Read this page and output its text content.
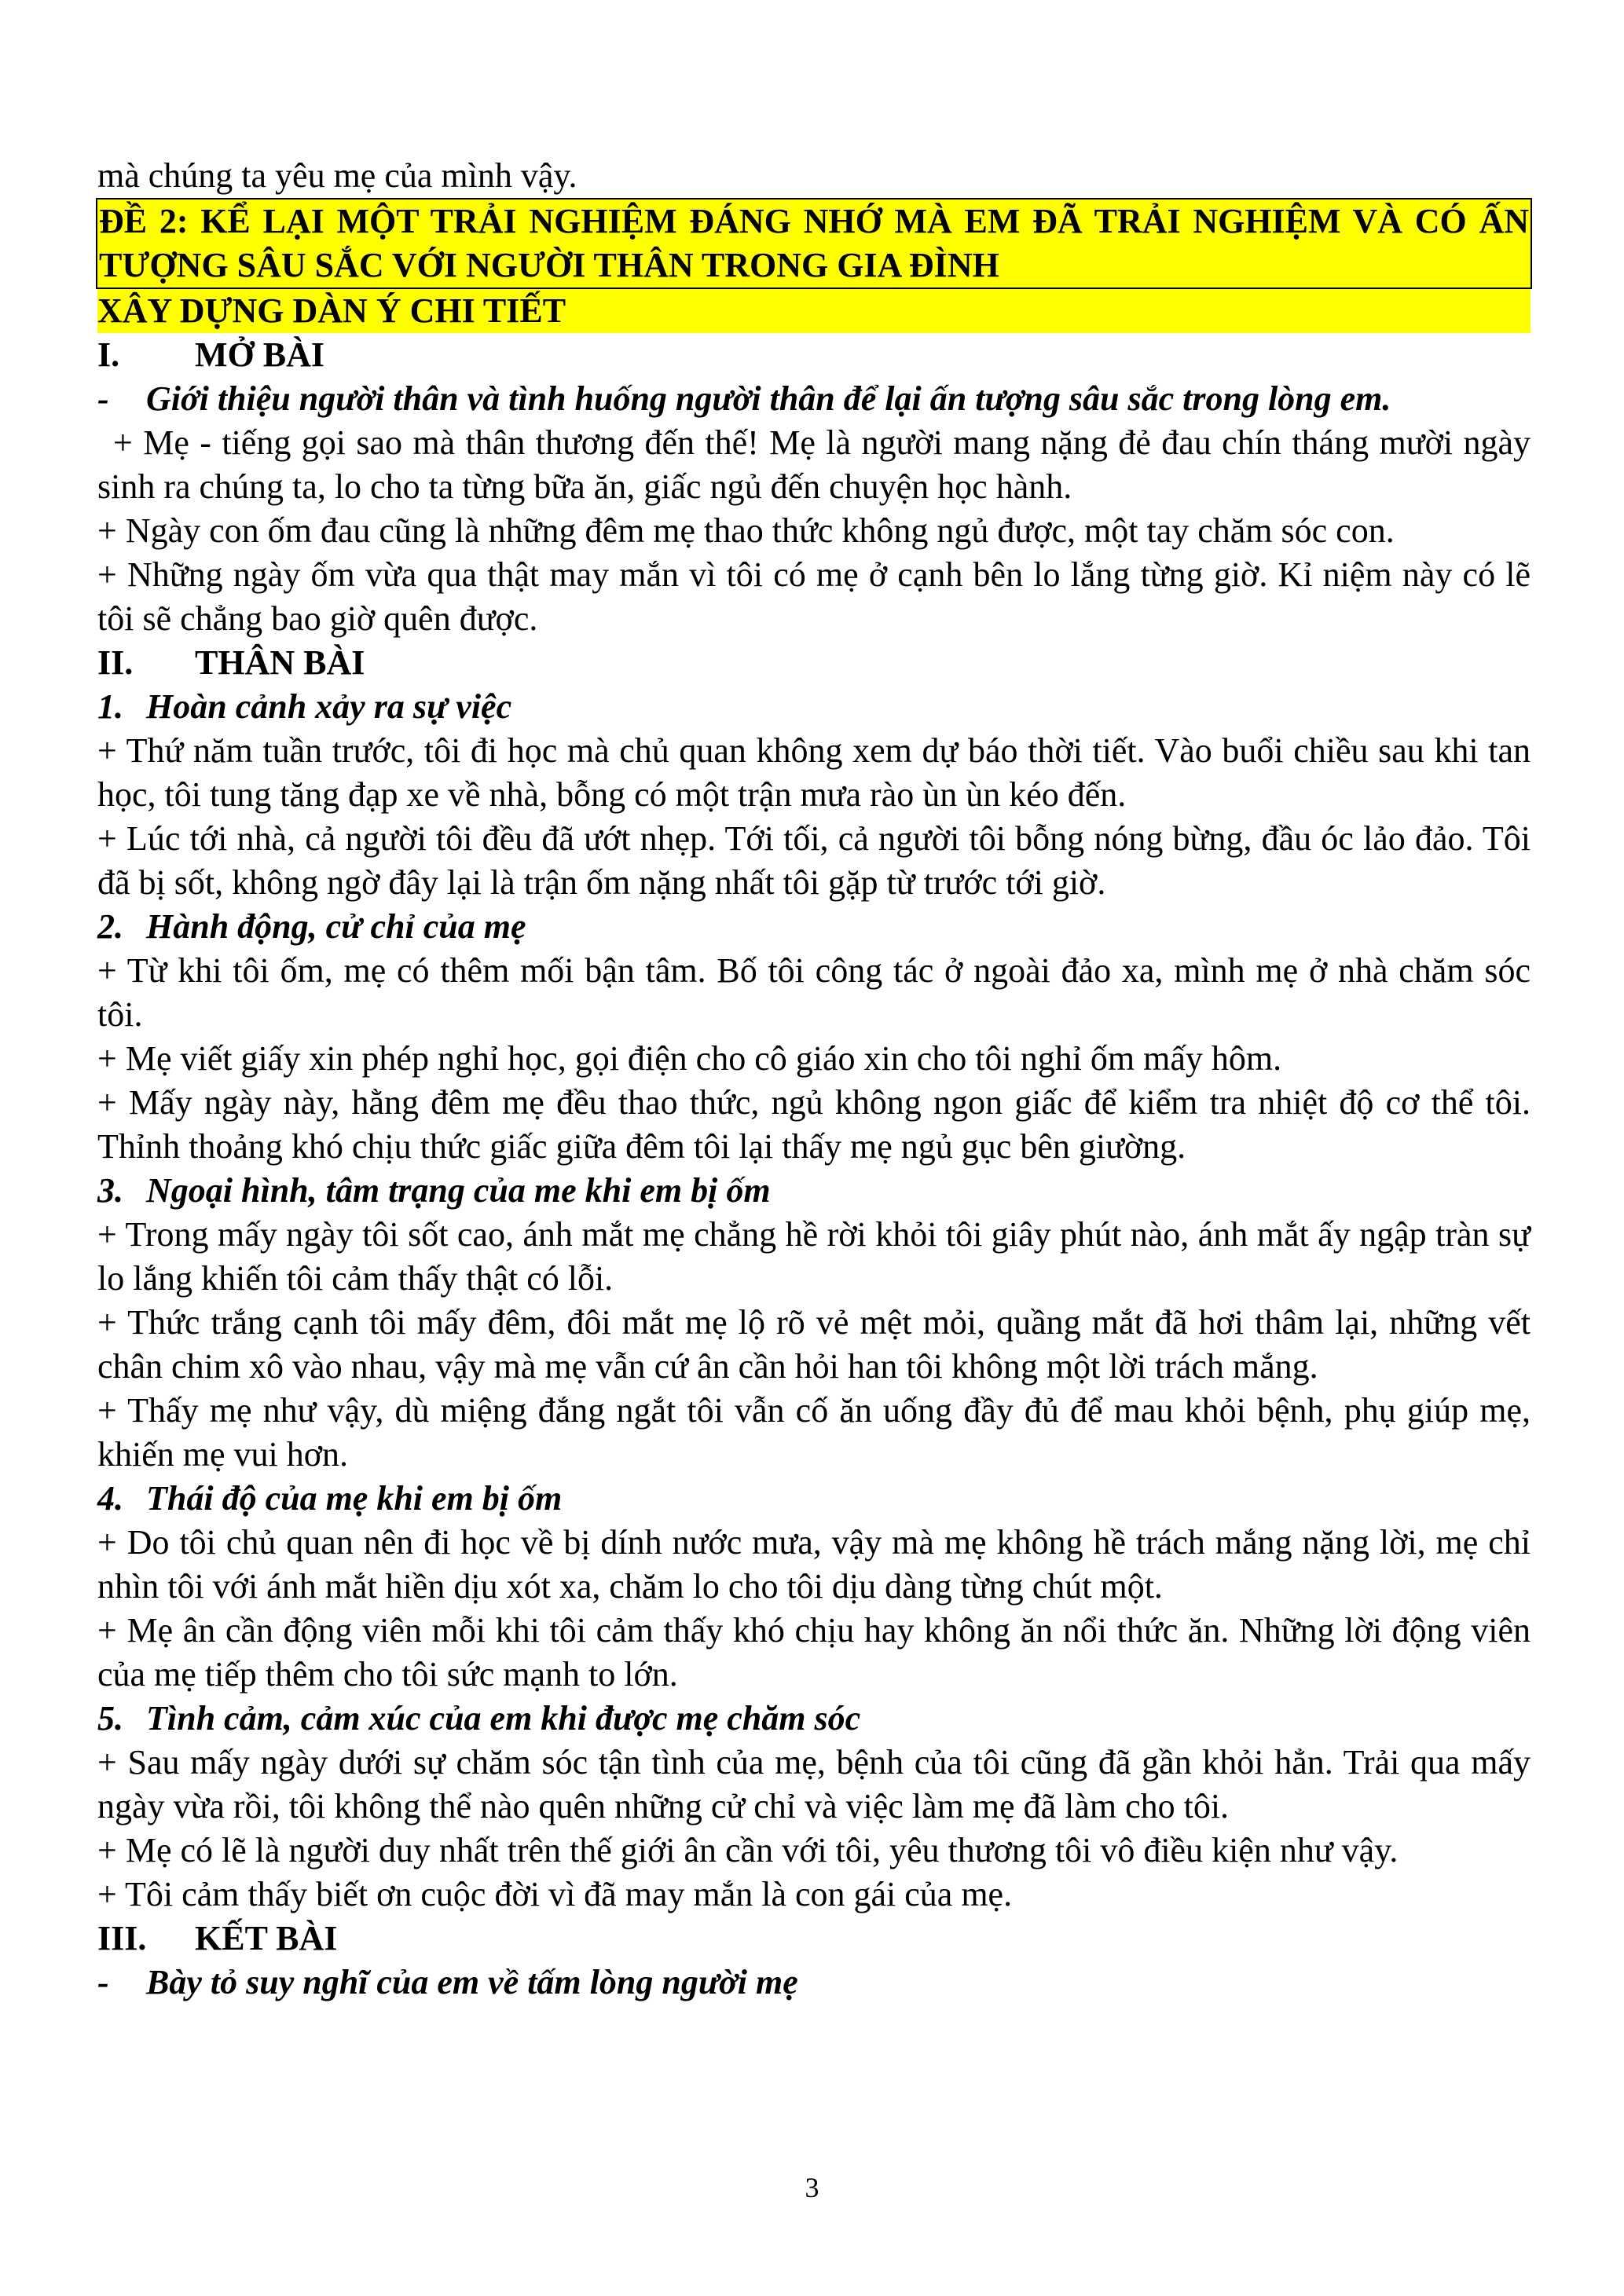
mà chúng ta yêu mẹ của mình vậy.
ĐỀ 2: KỂ LẠI MỘT TRẢI NGHIỆM ĐÁNG NHỚ MÀ EM ĐÃ TRẢI NGHIỆM VÀ CÓ ẤN TƯỢNG SÂU SẮC VỚI NGƯỜI THÂN TRONG GIA ĐÌNH
XÂY DỰNG DÀN Ý CHI TIẾT
I. MỞ BÀI
- Giới thiệu người thân và tình huống người thân để lại ấn tượng sâu sắc trong lòng em.
+ Mẹ - tiếng gọi sao mà thân thương đến thế! Mẹ là người mang nặng đẻ đau chín tháng mười ngày sinh ra chúng ta, lo cho ta từng bữa ăn, giấc ngủ đến chuyện học hành.
+ Ngày con ốm đau cũng là những đêm mẹ thao thức không ngủ được, một tay chăm sóc con.
+ Những ngày ốm vừa qua thật may mắn vì tôi có mẹ ở cạnh bên lo lắng từng giờ. Kỉ niệm này có lẽ tôi sẽ chẳng bao giờ quên được.
II. THÂN BÀI
1. Hoàn cảnh xảy ra sự việc
+ Thứ năm tuần trước, tôi đi học mà chủ quan không xem dự báo thời tiết. Vào buổi chiều sau khi tan học, tôi tung tăng đạp xe về nhà, bỗng có một trận mưa rào ùn ùn kéo đến.
+ Lúc tới nhà, cả người tôi đều đã ướt nhẹp. Tới tối, cả người tôi bỗng nóng bừng, đầu óc lảo đảo. Tôi đã bị sốt, không ngờ đây lại là trận ốm nặng nhất tôi gặp từ trước tới giờ.
2. Hành động, cử chỉ của mẹ
+ Từ khi tôi ốm, mẹ có thêm mối bận tâm. Bố tôi công tác ở ngoài đảo xa, mình mẹ ở nhà chăm sóc tôi.
+ Mẹ viết giấy xin phép nghỉ học, gọi điện cho cô giáo xin cho tôi nghỉ ốm mấy hôm.
+ Mấy ngày này, hằng đêm mẹ đều thao thức, ngủ không ngon giấc để kiểm tra nhiệt độ cơ thể tôi. Thỉnh thoảng khó chịu thức giấc giữa đêm tôi lại thấy mẹ ngủ gục bên giường.
3. Ngoại hình, tâm trạng của me khi em bị ốm
+ Trong mấy ngày tôi sốt cao, ánh mắt mẹ chẳng hề rời khỏi tôi giây phút nào, ánh mắt ấy ngập tràn sự lo lắng khiến tôi cảm thấy thật có lỗi.
+ Thức trắng cạnh tôi mấy đêm, đôi mắt mẹ lộ rõ vẻ mệt mỏi, quầng mắt đã hơi thâm lại, những vết chân chim xô vào nhau, vậy mà mẹ vẫn cứ ân cần hỏi han tôi không một lời trách mắng.
+ Thấy mẹ như vậy, dù miệng đắng ngắt tôi vẫn cố ăn uống đầy đủ để mau khỏi bệnh, phụ giúp mẹ, khiến mẹ vui hơn.
4. Thái độ của mẹ khi em bị ốm
+ Do tôi chủ quan nên đi học về bị dính nước mưa, vậy mà mẹ không hề trách mắng nặng lời, mẹ chỉ nhìn tôi với ánh mắt hiền dịu xót xa, chăm lo cho tôi dịu dàng từng chút một.
+ Mẹ ân cần động viên mỗi khi tôi cảm thấy khó chịu hay không ăn nổi thức ăn. Những lời động viên của mẹ tiếp thêm cho tôi sức mạnh to lớn.
5. Tình cảm, cảm xúc của em khi được mẹ chăm sóc
+ Sau mấy ngày dưới sự chăm sóc tận tình của mẹ, bệnh của tôi cũng đã gần khỏi hẳn. Trải qua mấy ngày vừa rồi, tôi không thể nào quên những cử chỉ và việc làm mẹ đã làm cho tôi.
+ Mẹ có lẽ là người duy nhất trên thế giới ân cần với tôi, yêu thương tôi vô điều kiện như vậy.
+ Tôi cảm thấy biết ơn cuộc đời vì đã may mắn là con gái của mẹ.
III. KẾT BÀI
- Bày tỏ suy nghĩ của em về tấm lòng người mẹ
3
